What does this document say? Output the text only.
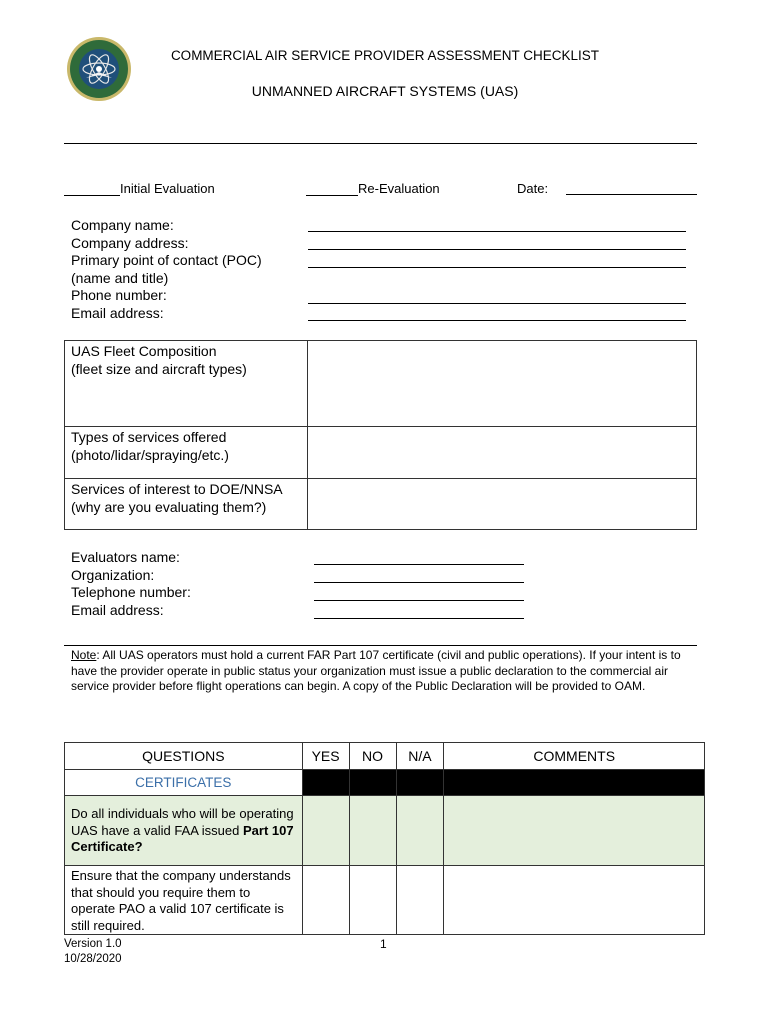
COMMERCIAL AIR SERVICE PROVIDER ASSESSMENT CHECKLIST
UNMANNED AIRCRAFT SYSTEMS (UAS)
Initial Evaluation	Re-Evaluation	Date:
Company name:
Company address:
Primary point of contact (POC)
(name and title)
Phone number:
Email address:
UAS Fleet Composition
(fleet size and aircraft types)
Types of services offered
(photo/lidar/spraying/etc.)
Services of interest to DOE/NNSA
(why are you evaluating them?)
Evaluators name:
Organization:
Telephone number:
Email address:
Note: All UAS operators must hold a current FAR Part 107 certificate (civil and public operations). If your intent is to have the provider operate in public status your organization must issue a public declaration to the commercial air service provider before flight operations can begin. A copy of the Public Declaration will be provided to OAM.
QUESTIONS	YES	NO	N/A	COMMENTS
CERTIFICATES				
Do all individuals who will be operating UAS have a valid FAA issued Part 107 Certificate?				
Ensure that the company understands that should you require them to operate PAO a valid 107 certificate is still required.				
Version 1.0
10/28/2020
1
